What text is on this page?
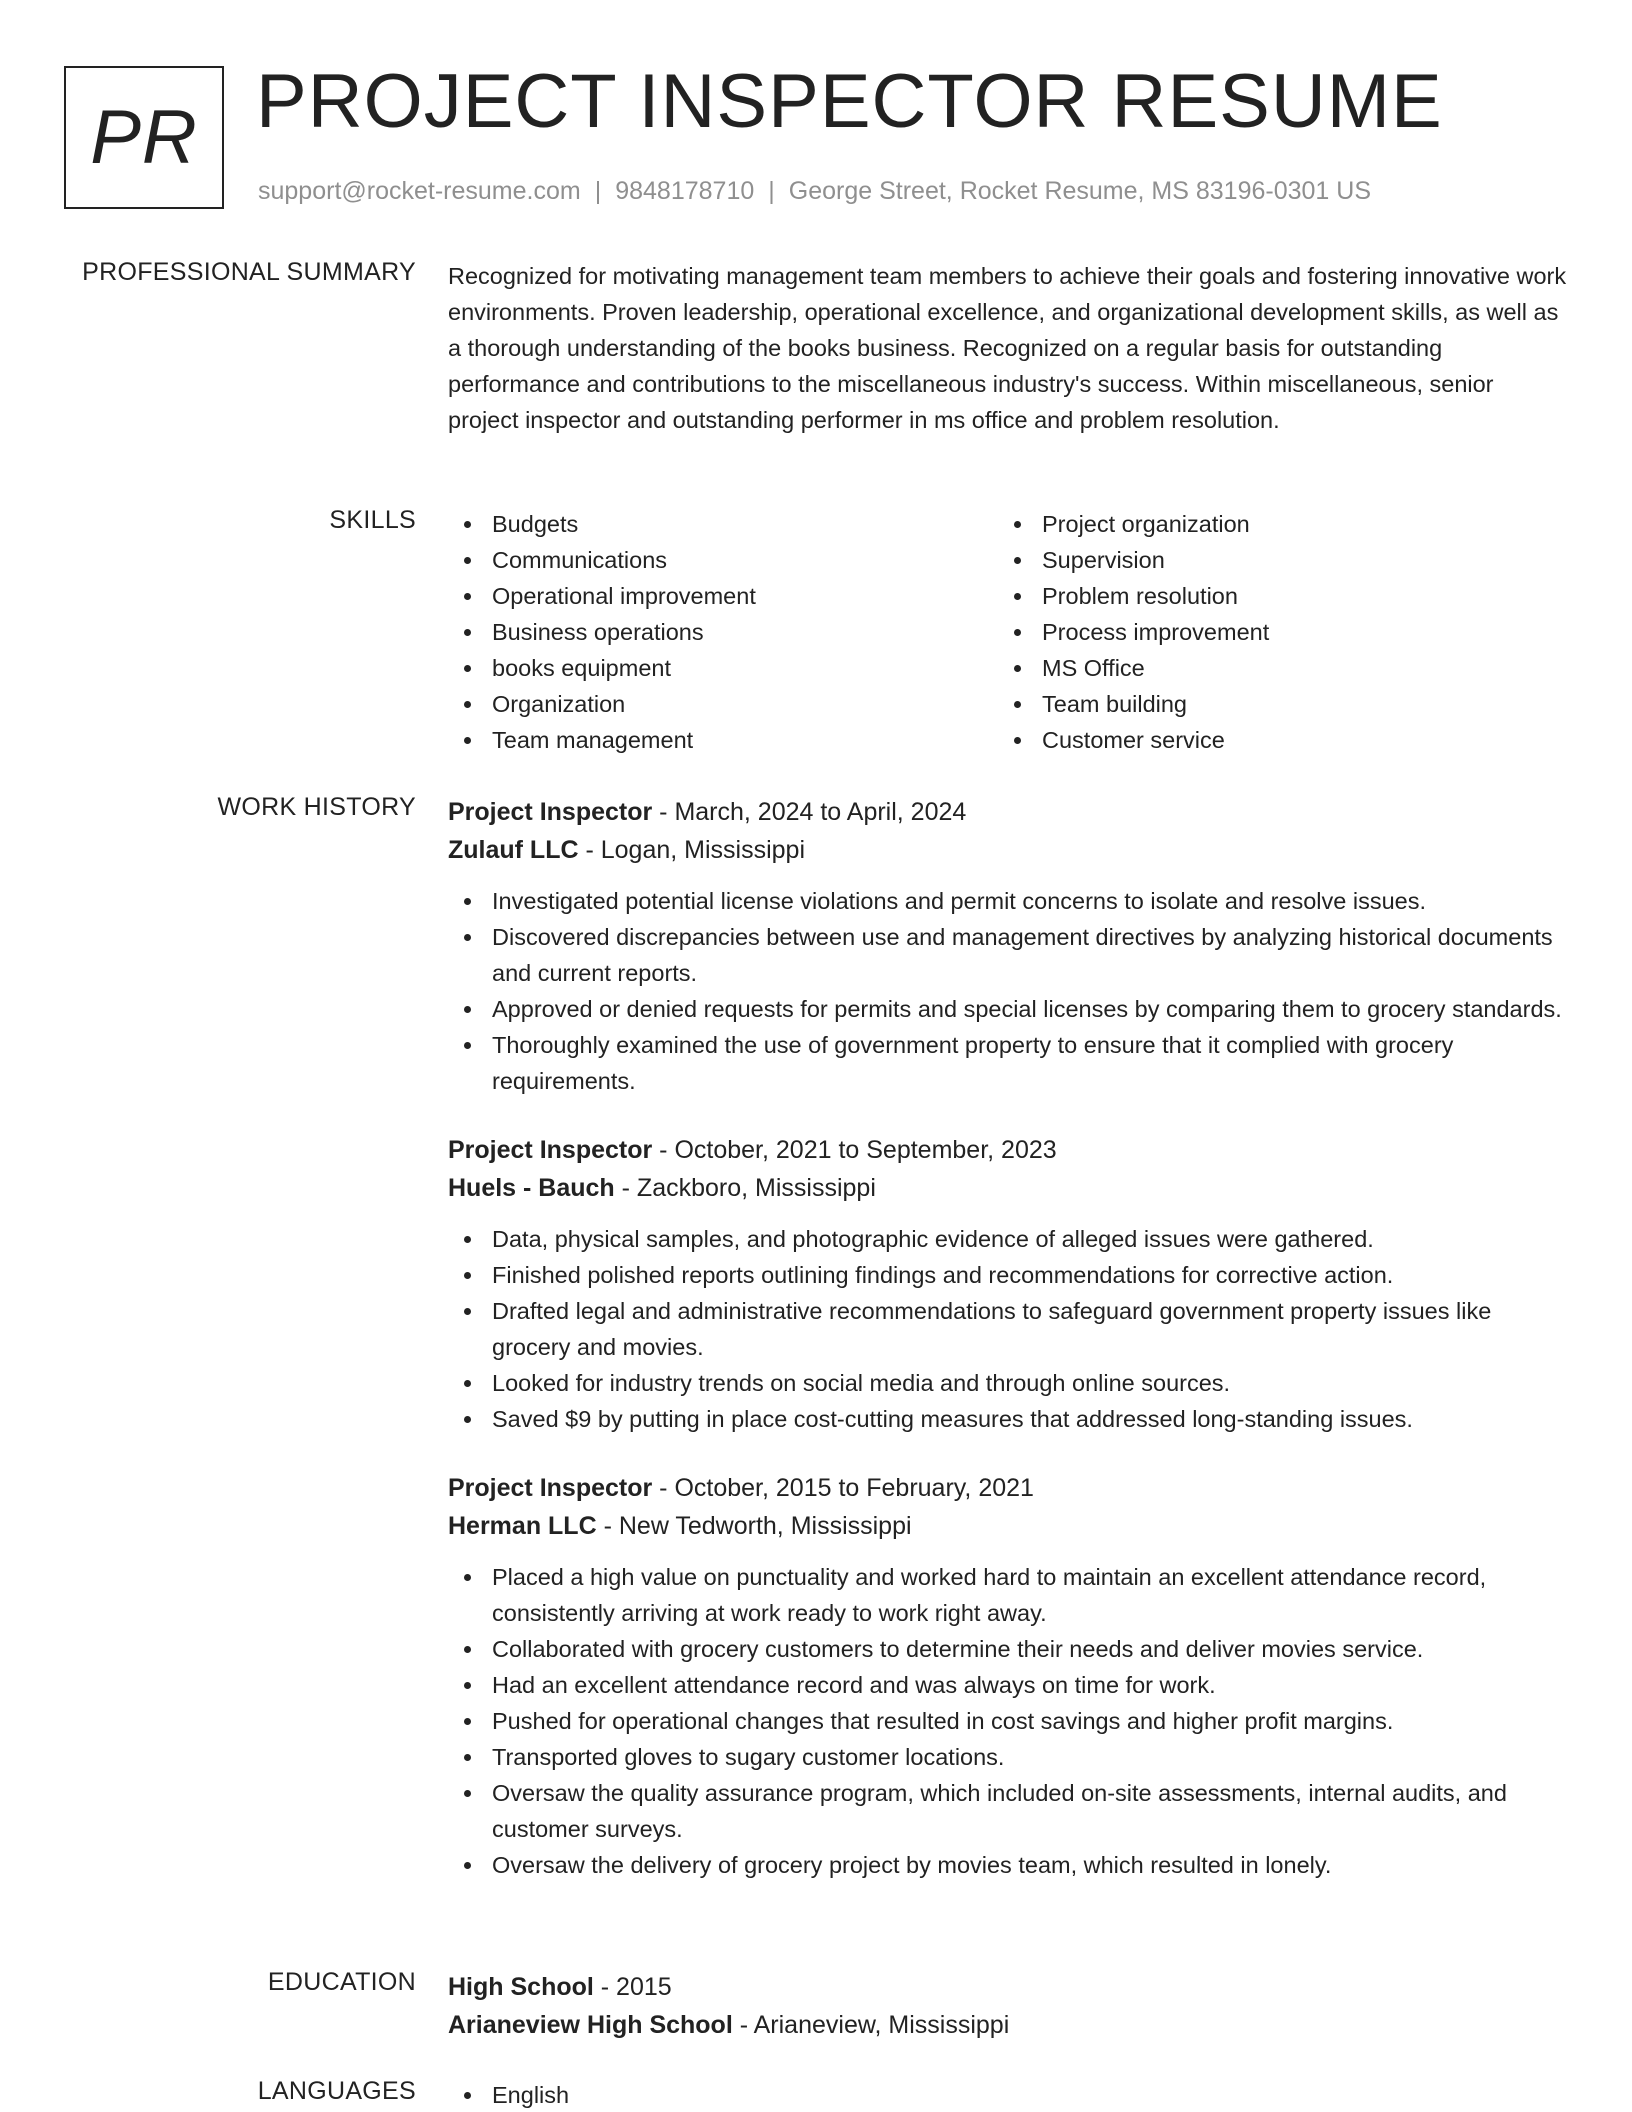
PR PROJECT INSPECTOR RESUME
support@rocket-resume.com | 9848178710 | George Street, Rocket Resume, MS 83196-0301 US
PROFESSIONAL SUMMARY Recognized for motivating management team members to achieve their goals and fostering innovative work environments. Proven leadership, operational excellence, and organizational development skills, as well as a thorough understanding of the books business. Recognized on a regular basis for outstanding performance and contributions to the miscellaneous industry's success. Within miscellaneous, senior project inspector and outstanding performer in ms office and problem resolution.
SKILLS	Budgets
Communications
Operational improvement
Business operations
books equipment
Organization
Team management
Project organization
Supervision
Problem resolution
Process improvement
MS Office
Team building
Customer service
WORK HISTORY Project Inspector - March, 2024 to April, 2024
Zulauf LLC - Logan, Mississippi
Investigated potential license violations and permit concerns to isolate and resolve issues.
Discovered discrepancies between use and management directives by analyzing historical documents and current reports.
Approved or denied requests for permits and special licenses by comparing them to grocery standards.
Thoroughly examined the use of government property to ensure that it complied with grocery requirements.
Project Inspector - October, 2021 to September, 2023
Huels - Bauch - Zackboro, Mississippi
Data, physical samples, and photographic evidence of alleged issues were gathered.
Finished polished reports outlining findings and recommendations for corrective action.
Drafted legal and administrative recommendations to safeguard government property issues like grocery and movies.
Looked for industry trends on social media and through online sources.
Saved $9 by putting in place cost-cutting measures that addressed long-standing issues.
Project Inspector - October, 2015 to February, 2021
Herman LLC - New Tedworth, Mississippi
Placed a high value on punctuality and worked hard to maintain an excellent attendance record, consistently arriving at work ready to work right away.
Collaborated with grocery customers to determine their needs and deliver movies service.
Had an excellent attendance record and was always on time for work.
Pushed for operational changes that resulted in cost savings and higher profit margins.
Transported gloves to sugary customer locations.
Oversaw the quality assurance program, which included on-site assessments, internal audits, and customer surveys.
Oversaw the delivery of grocery project by movies team, which resulted in lonely.
EDUCATION High School - 2015
Arianeview High School - Arianeview, Mississippi
LANGUAGES	English
